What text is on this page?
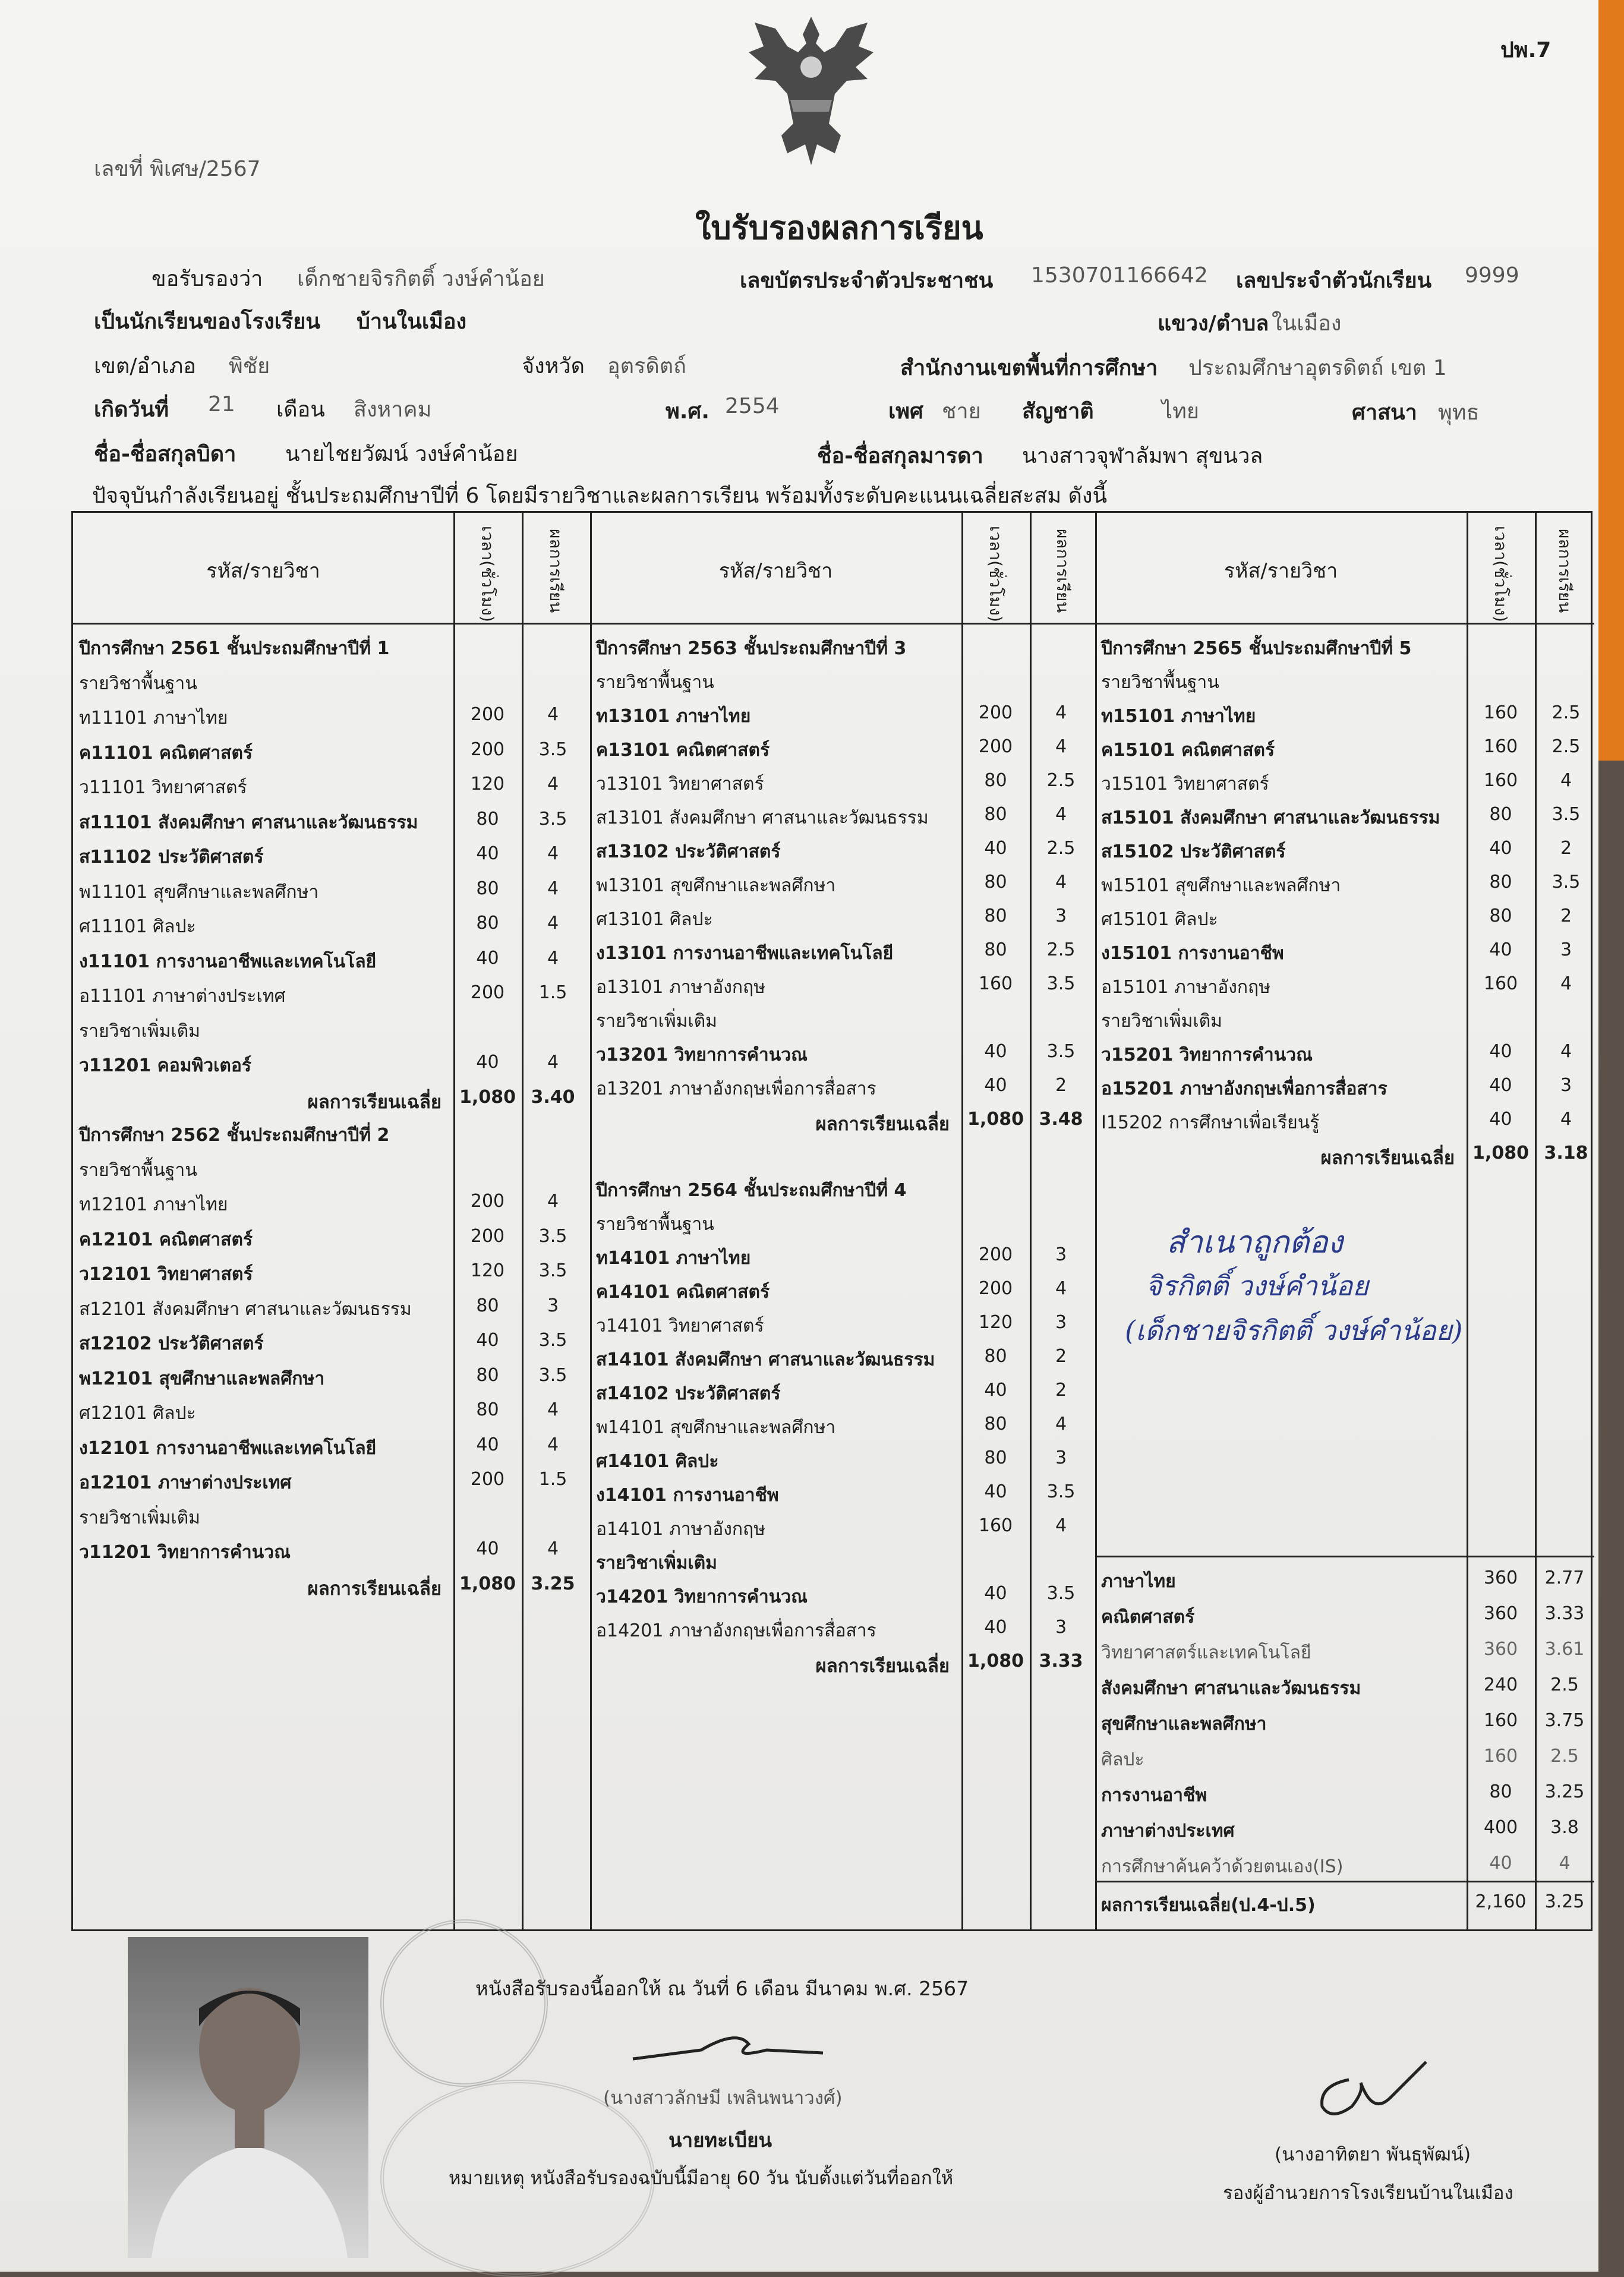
ปพ.7
เลขที่ พิเศษ/2567
ใบรับรองผลการเรียน
ขอรับรองว่า เด็กชายจิรกิตติ์ วงษ์คำน้อย	เลขบัตรประจำตัวประชาชน 1530701166642 เลขประจำตัวนักเรียน 9999
เป็นนักเรียนของโรงเรียน บ้านในเมือง	แขวง/ตำบล ในเมือง
เขต/อำเภอ พิชัย	จังหวัด อุตรดิตถ์	สำนักงานเขตพื้นที่การศึกษา ประถมศึกษาอุตรดิตถ์ เขต 1
เกิดวันที่ 21 เดือน สิงหาคม	พ.ศ. 2554	เพศ ชาย สัญชาติ	ไทย	ศาสนา พุทธ
ชื่อ-ชื่อสกุลบิดา นายไชยวัฒน์ วงษ์คำน้อย	ชื่อ-ชื่อสกุลมารดา นางสาวจุฬาลัมพา สุขนวล
ปัจจุบันกำลังเรียนอยู่ ชั้นประถมศึกษาปีที่ 6 โดยมีรายวิชาและผลการเรียน พร้อมทั้งระดับคะแนนเฉลี่ยสะสม ดังนี้
รหัส/รายวิชา	เวลา(ชั่วโมง)	ผลการเรียน	รหัส/รายวิชา	เวลา(ชั่วโมง)	ผลการเรียน	รหัส/รายวิชา	เวลา(ชั่วโมง)	ผลการเรียน
ปีการศึกษา 2561 ชั้นประถมศึกษาปีที่ 1
รายวิชาพื้นฐาน
ท11101 ภาษาไทย	200	4
ค11101 คณิตศาสตร์	200	3.5
ว11101 วิทยาศาสตร์	120	4
ส11101 สังคมศึกษา ศาสนาและวัฒนธรรม	80	3.5
ส11102 ประวัติศาสตร์	40	4
พ11101 สุขศึกษาและพลศึกษา	80	4
ศ11101 ศิลปะ	80	4
ง11101 การงานอาชีพและเทคโนโลยี	40	4
อ11101 ภาษาต่างประเทศ	200	1.5
รายวิชาเพิ่มเติม
ว11201 คอมพิวเตอร์	40	4
ผลการเรียนเฉลี่ย	1,080 3.40
ปีการศึกษา 2562 ชั้นประถมศึกษาปีที่ 2
รายวิชาพื้นฐาน
ท12101 ภาษาไทย	200	4
ค12101 คณิตศาสตร์	200	3.5
ว12101 วิทยาศาสตร์	120	3.5
ส12101 สังคมศึกษา ศาสนาและวัฒนธรรม	80	3
ส12102 ประวัติศาสตร์	40	3.5
พ12101 สุขศึกษาและพลศึกษา	80	3.5
ศ12101 ศิลปะ	80	4
ง12101 การงานอาชีพและเทคโนโลยี	40	4
อ12101 ภาษาต่างประเทศ	200	1.5
รายวิชาเพิ่มเติม
ว11201 วิทยาการคำนวณ	40	4
ผลการเรียนเฉลี่ย	1,080 3.25
ปีการศึกษา 2563 ชั้นประถมศึกษาปีที่ 3
รายวิชาพื้นฐาน
ท13101 ภาษาไทย	200	4
ค13101 คณิตศาสตร์	200	4
ว13101 วิทยาศาสตร์	80	2.5
ส13101 สังคมศึกษา ศาสนาและวัฒนธรรม	80	4
ส13102 ประวัติศาสตร์	40	2.5
พ13101 สุขศึกษาและพลศึกษา	80	4
ศ13101 ศิลปะ	80	3
ง13101 การงานอาชีพและเทคโนโลยี	80	2.5
อ13101 ภาษาอังกฤษ	160	3.5
รายวิชาเพิ่มเติม
ว13201 วิทยาการคำนวณ	40	3.5
อ13201 ภาษาอังกฤษเพื่อการสื่อสาร	40	2
ผลการเรียนเฉลี่ย	1,080 3.48
ปีการศึกษา 2564 ชั้นประถมศึกษาปีที่ 4
รายวิชาพื้นฐาน
ท14101 ภาษาไทย	200	3
ค14101 คณิตศาสตร์	200	4
ว14101 วิทยาศาสตร์	120	3
ส14101 สังคมศึกษา ศาสนาและวัฒนธรรม	80	2
ส14102 ประวัติศาสตร์	40	2
พ14101 สุขศึกษาและพลศึกษา	80	4
ศ14101 ศิลปะ	80	3
ง14101 การงานอาชีพ	40	3.5
อ14101 ภาษาอังกฤษ	160	4
รายวิชาเพิ่มเติม
ว14201 วิทยาการคำนวณ	40	3.5
อ14201 ภาษาอังกฤษเพื่อการสื่อสาร	40	3
ผลการเรียนเฉลี่ย	1,080 3.33
ปีการศึกษา 2565 ชั้นประถมศึกษาปีที่ 5
รายวิชาพื้นฐาน
ท15101 ภาษาไทย	160	2.5
ค15101 คณิตศาสตร์	160	2.5
ว15101 วิทยาศาสตร์	160	4
ส15101 สังคมศึกษา ศาสนาและวัฒนธรรม	80	3.5
ส15102 ประวัติศาสตร์	40	2
พ15101 สุขศึกษาและพลศึกษา	80	3.5
ศ15101 ศิลปะ	80	2
ง15101 การงานอาชีพ	40	3
อ15101 ภาษาอังกฤษ	160	4
รายวิชาเพิ่มเติม
ว15201 วิทยาการคำนวณ	40	4
อ15201 ภาษาอังกฤษเพื่อการสื่อสาร	40	3
I15202 การศึกษาเพื่อเรียนรู้	40	4
ผลการเรียนเฉลี่ย	1,080 3.18
ภาษาไทย	360	2.77
คณิตศาสตร์	360	3.33
วิทยาศาสตร์และเทคโนโลยี	360	3.61
สังคมศึกษา ศาสนาและวัฒนธรรม	240	2.5
สุขศึกษาและพลศึกษา	160	3.75
ศิลปะ	160	2.5
การงานอาชีพ	80	3.25
ภาษาต่างประเทศ	400	3.8
การศึกษาค้นคว้าด้วยตนเอง(IS)	40	4
ผลการเรียนเฉลี่ย(ป.4-ป.5)	2,160	3.25
สำเนาถูกต้อง
จิรกิตติ์ วงษ์คำน้อย
(เด็กชายจิรกิตติ์ วงษ์คำน้อย)
หนังสือรับรองนี้ออกให้ ณ วันที่ 6 เดือน มีนาคม พ.ศ. 2567
(นางสาวลักษมี เพลินพนาวงศ์)
นายทะเบียน
หมายเหตุ หนังสือรับรองฉบับนี้มีอายุ 60 วัน นับตั้งแต่วันที่ออกให้
(นางอาทิตยา พันธุพัฒน์)
รองผู้อำนวยการโรงเรียนบ้านในเมือง
